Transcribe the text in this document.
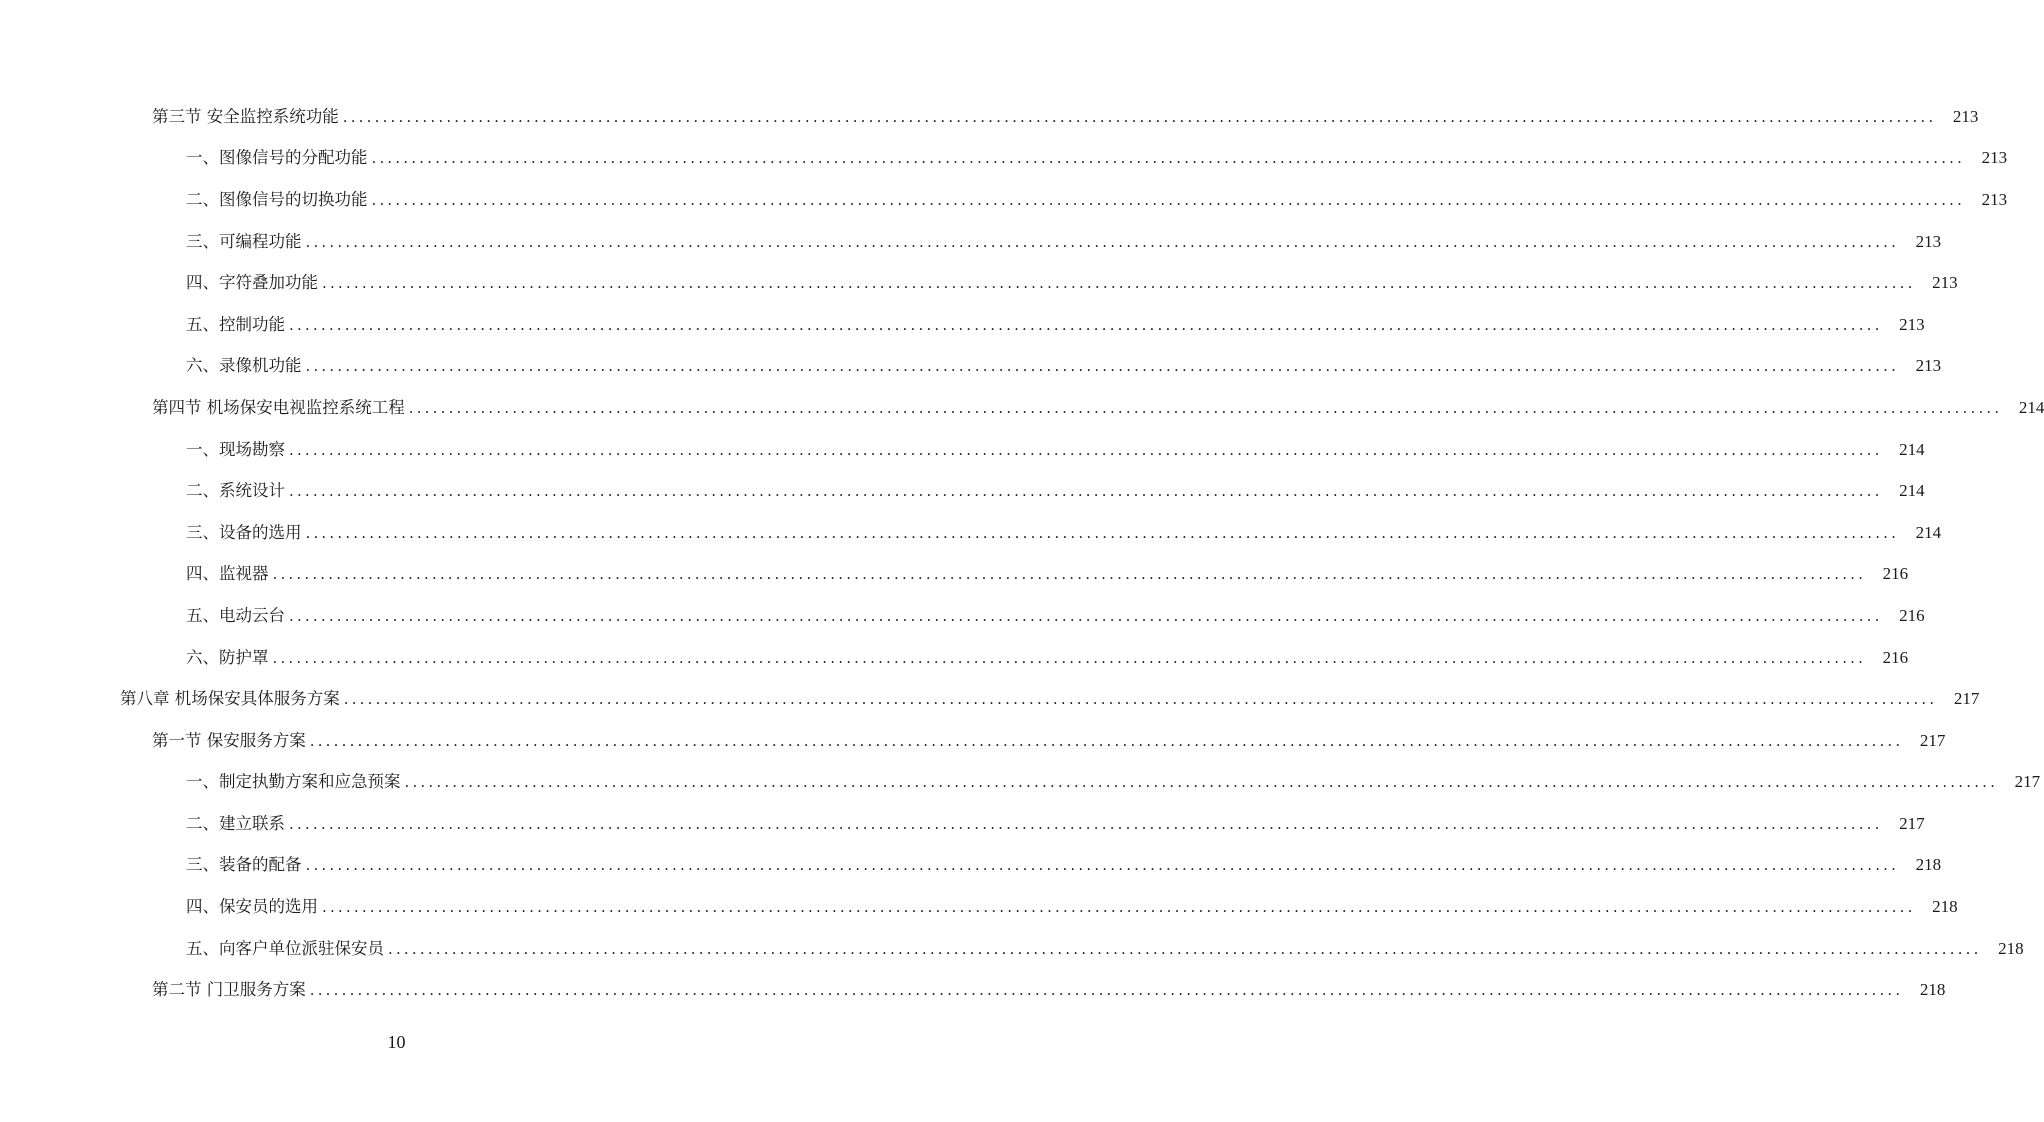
第三节 安全监控系统功能 ........................................................................................................................................................................................................ 213
一、图像信号的分配功能 ........................................................................................................................................................................................................ 213
二、图像信号的切换功能 ........................................................................................................................................................................................................ 213
三、可编程功能 ........................................................................................................................................................................................................ 213
四、字符叠加功能 ........................................................................................................................................................................................................ 213
五、控制功能 ........................................................................................................................................................................................................ 213
六、录像机功能 ........................................................................................................................................................................................................ 213
第四节 机场保安电视监控系统工程 ........................................................................................................................................................................................................ 214
一、现场勘察 ........................................................................................................................................................................................................ 214
二、系统设计 ........................................................................................................................................................................................................ 214
三、设备的选用 ........................................................................................................................................................................................................ 214
四、监视器 ........................................................................................................................................................................................................ 216
五、电动云台 ........................................................................................................................................................................................................ 216
六、防护罩 ........................................................................................................................................................................................................ 216
第八章 机场保安具体服务方案 ........................................................................................................................................................................................................ 217
第一节 保安服务方案 ........................................................................................................................................................................................................ 217
一、制定执勤方案和应急预案 ........................................................................................................................................................................................................ 217
二、建立联系 ........................................................................................................................................................................................................ 217
三、装备的配备 ........................................................................................................................................................................................................ 218
四、保安员的选用 ........................................................................................................................................................................................................ 218
五、向客户单位派驻保安员 ........................................................................................................................................................................................................ 218
第二节 门卫服务方案 ........................................................................................................................................................................................................ 218
10
